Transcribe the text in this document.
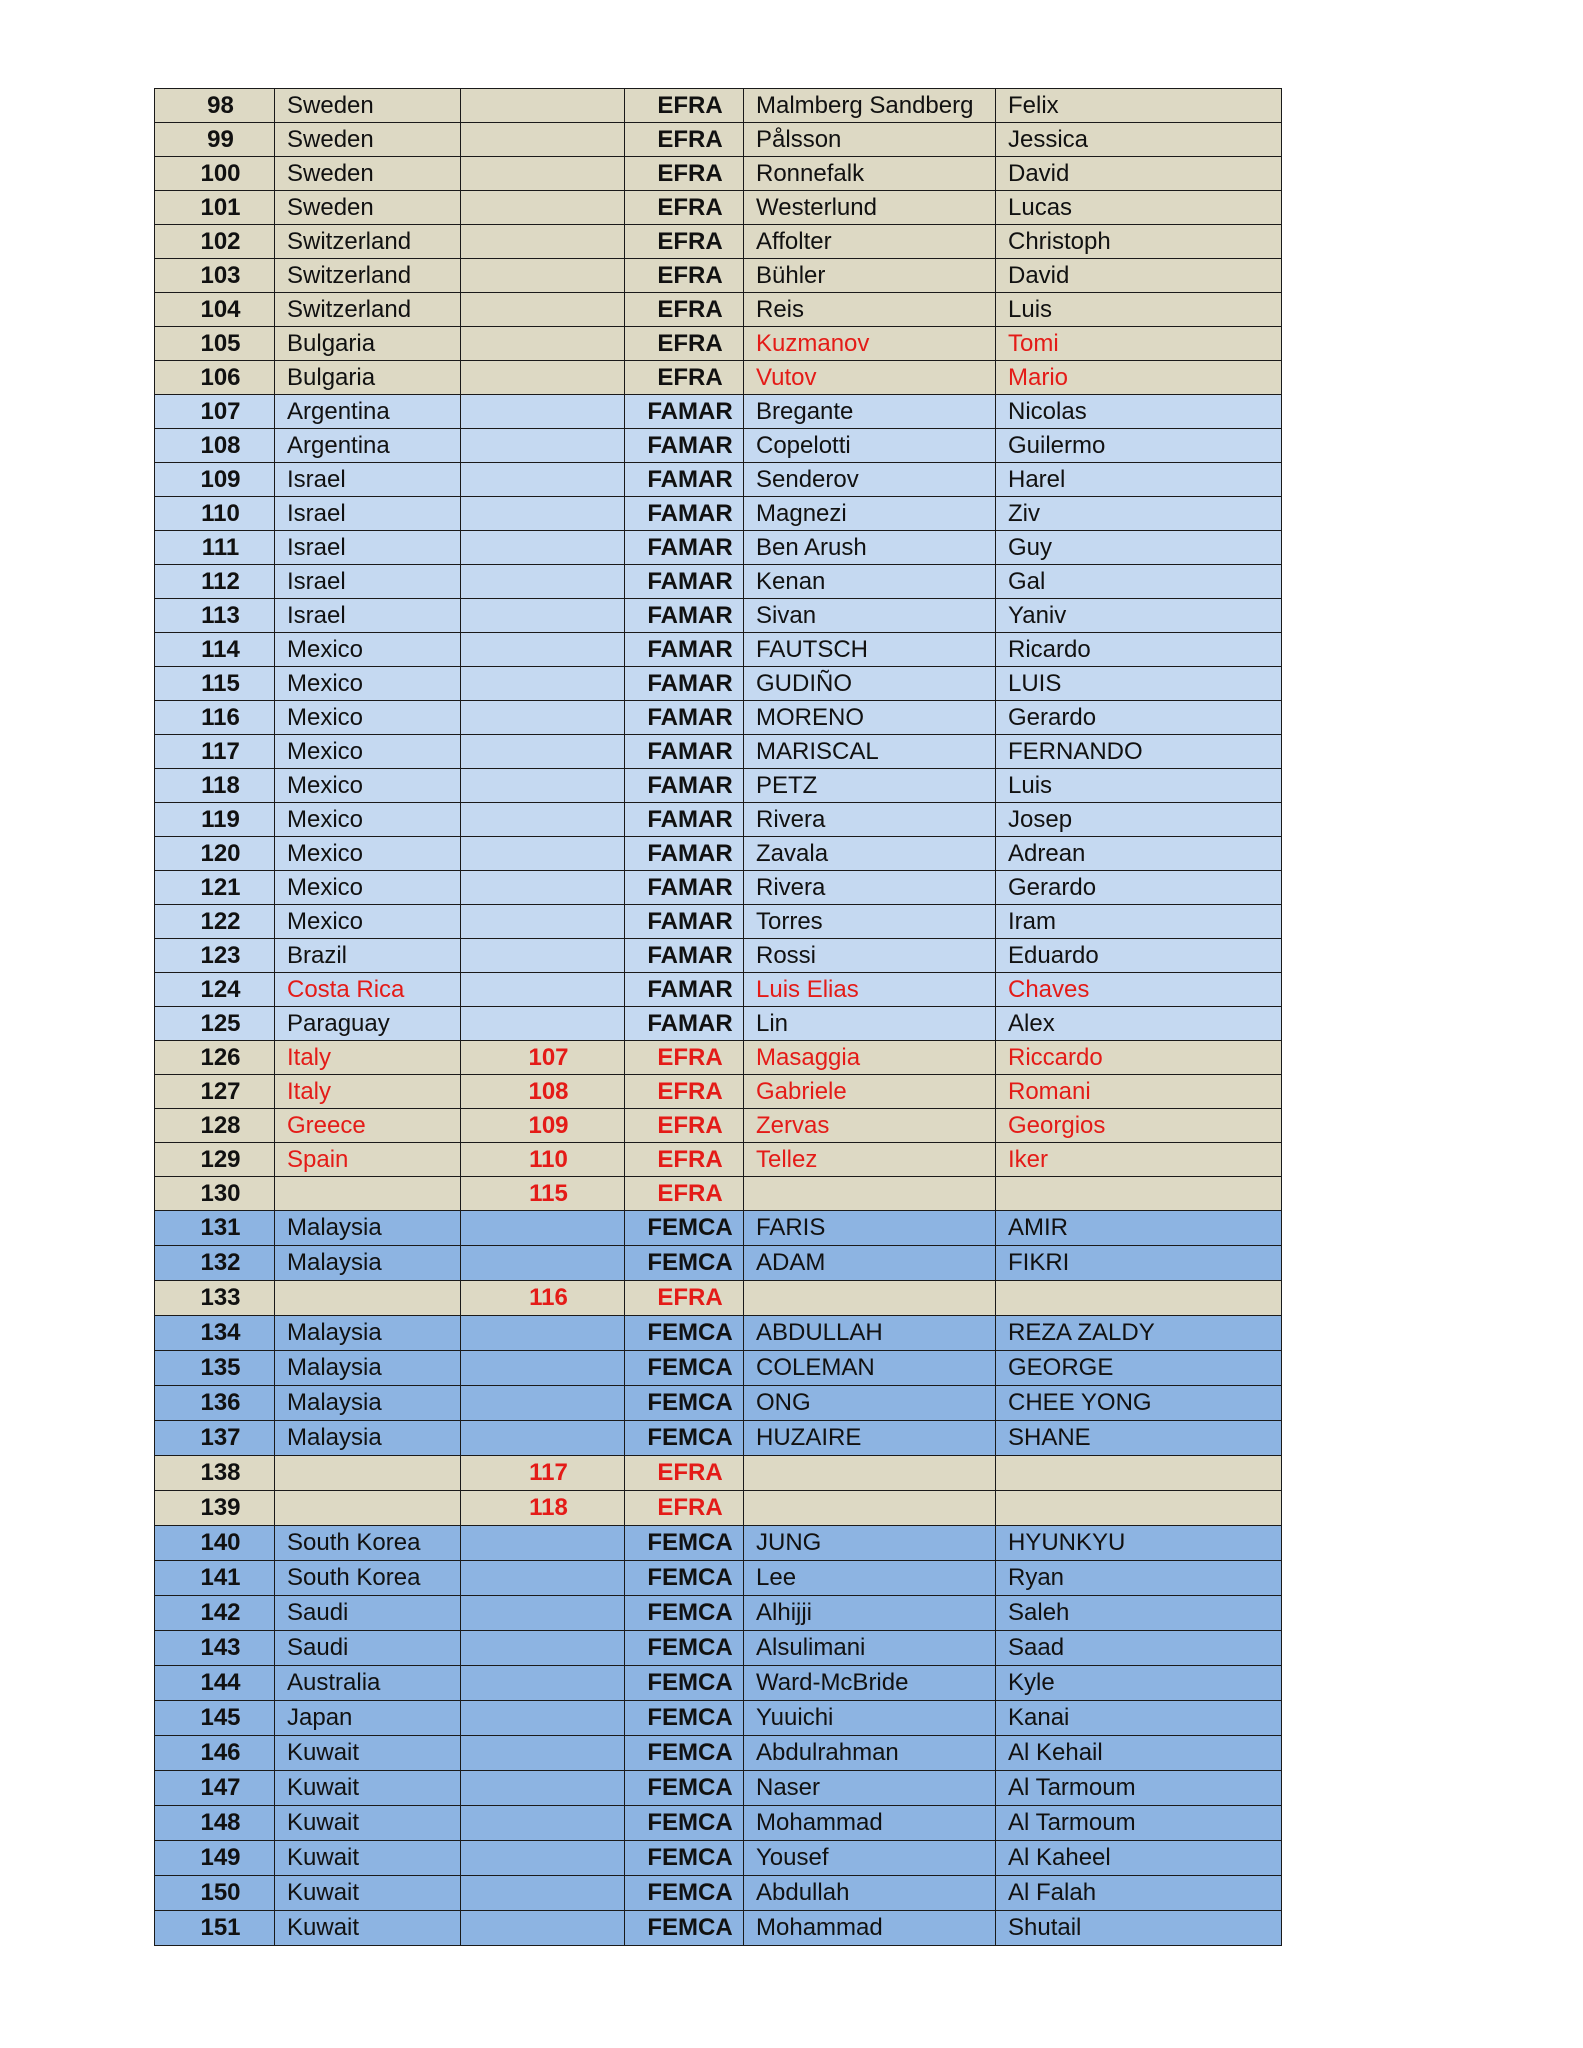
98	Sweden		EFRA	Malmberg Sandberg	Felix
99	Sweden		EFRA	Pålsson	Jessica
100	Sweden		EFRA	Ronnefalk	David
101	Sweden		EFRA	Westerlund	Lucas
102	Switzerland		EFRA	Affolter	Christoph
103	Switzerland		EFRA	Bühler	David
104	Switzerland		EFRA	Reis	Luis
105	Bulgaria		EFRA	Kuzmanov	Tomi
106	Bulgaria		EFRA	Vutov	Mario
107	Argentina		FAMAR	Bregante	Nicolas
108	Argentina		FAMAR	Copelotti	Guilermo
109	Israel		FAMAR	Senderov	Harel
110	Israel		FAMAR	Magnezi	Ziv
111	Israel		FAMAR	Ben Arush	Guy
112	Israel		FAMAR	Kenan	Gal
113	Israel		FAMAR	Sivan	Yaniv
114	Mexico		FAMAR	FAUTSCH	Ricardo
115	Mexico		FAMAR	GUDIÑO	LUIS
116	Mexico		FAMAR	MORENO	Gerardo
117	Mexico		FAMAR	MARISCAL	FERNANDO
118	Mexico		FAMAR	PETZ	Luis
119	Mexico		FAMAR	Rivera	Josep
120	Mexico		FAMAR	Zavala	Adrean
121	Mexico		FAMAR	Rivera	Gerardo
122	Mexico		FAMAR	Torres	Iram
123	Brazil		FAMAR	Rossi	Eduardo
124	Costa Rica		FAMAR	Luis Elias	Chaves
125	Paraguay		FAMAR	Lin	Alex
126	Italy	107	EFRA	Masaggia	Riccardo
127	Italy	108	EFRA	Gabriele	Romani
128	Greece	109	EFRA	Zervas	Georgios
129	Spain	110	EFRA	Tellez	Iker
130		115	EFRA		
131	Malaysia		FEMCA	FARIS	AMIR
132	Malaysia		FEMCA	ADAM	FIKRI
133		116	EFRA		
134	Malaysia		FEMCA	ABDULLAH	REZA ZALDY
135	Malaysia		FEMCA	COLEMAN	GEORGE
136	Malaysia		FEMCA	ONG	CHEE YONG
137	Malaysia		FEMCA	HUZAIRE	SHANE
138		117	EFRA		
139		118	EFRA		
140	South Korea		FEMCA	JUNG	HYUNKYU
141	South Korea		FEMCA	Lee	Ryan
142	Saudi		FEMCA	Alhijji	Saleh
143	Saudi		FEMCA	Alsulimani	Saad
144	Australia		FEMCA	Ward-McBride	Kyle
145	Japan		FEMCA	Yuuichi	Kanai
146	Kuwait		FEMCA	Abdulrahman	Al Kehail
147	Kuwait		FEMCA	Naser	Al Tarmoum
148	Kuwait		FEMCA	Mohammad	Al Tarmoum
149	Kuwait		FEMCA	Yousef	Al Kaheel
150	Kuwait		FEMCA	Abdullah	Al Falah
151	Kuwait		FEMCA	Mohammad	Shutail
